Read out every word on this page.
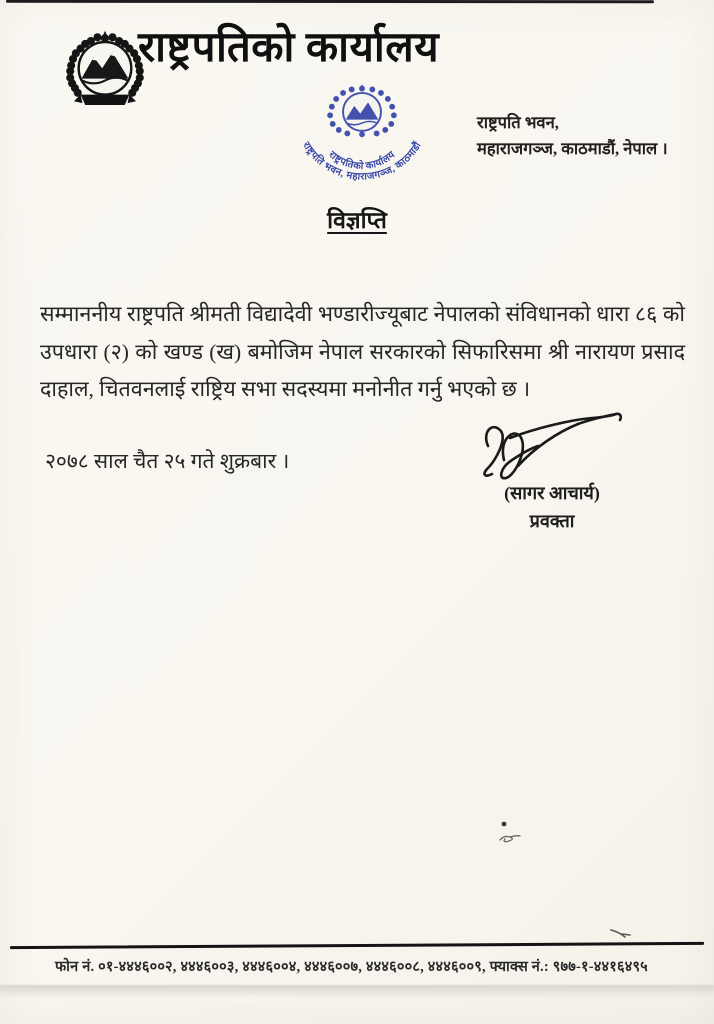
राष्ट्रपतिको कार्यालय
राष्ट्रपतिको कार्यालय
राष्ट्रपति भवन, महाराजगञ्ज, काठमाडौं
राष्ट्रपति भवन,
महाराजगञ्ज, काठमाडौं, नेपाल ।
विज्ञप्ति
सम्माननीय राष्ट्रपति श्रीमती विद्यादेवी भण्डारीज्यूबाट नेपालको संविधानको धारा ८६ को
उपधारा (२) को खण्ड (ख) बमोजिम नेपाल सरकारको सिफारिसमा श्री नारायण प्रसाद
दाहाल, चितवनलाई राष्ट्रिय सभा सदस्यमा मनोनीत गर्नु भएको छ ।
२०७८ साल चैत २५ गते शुक्रबार ।
(सागर आचार्य)
प्रवक्ता
फोन नं. ०१-४४४६००२, ४४४६००३, ४४४६००४, ४४४६००७, ४४४६००८, ४४४६००९, फ्याक्स नं.: ९७७-१-४४१६४९५
